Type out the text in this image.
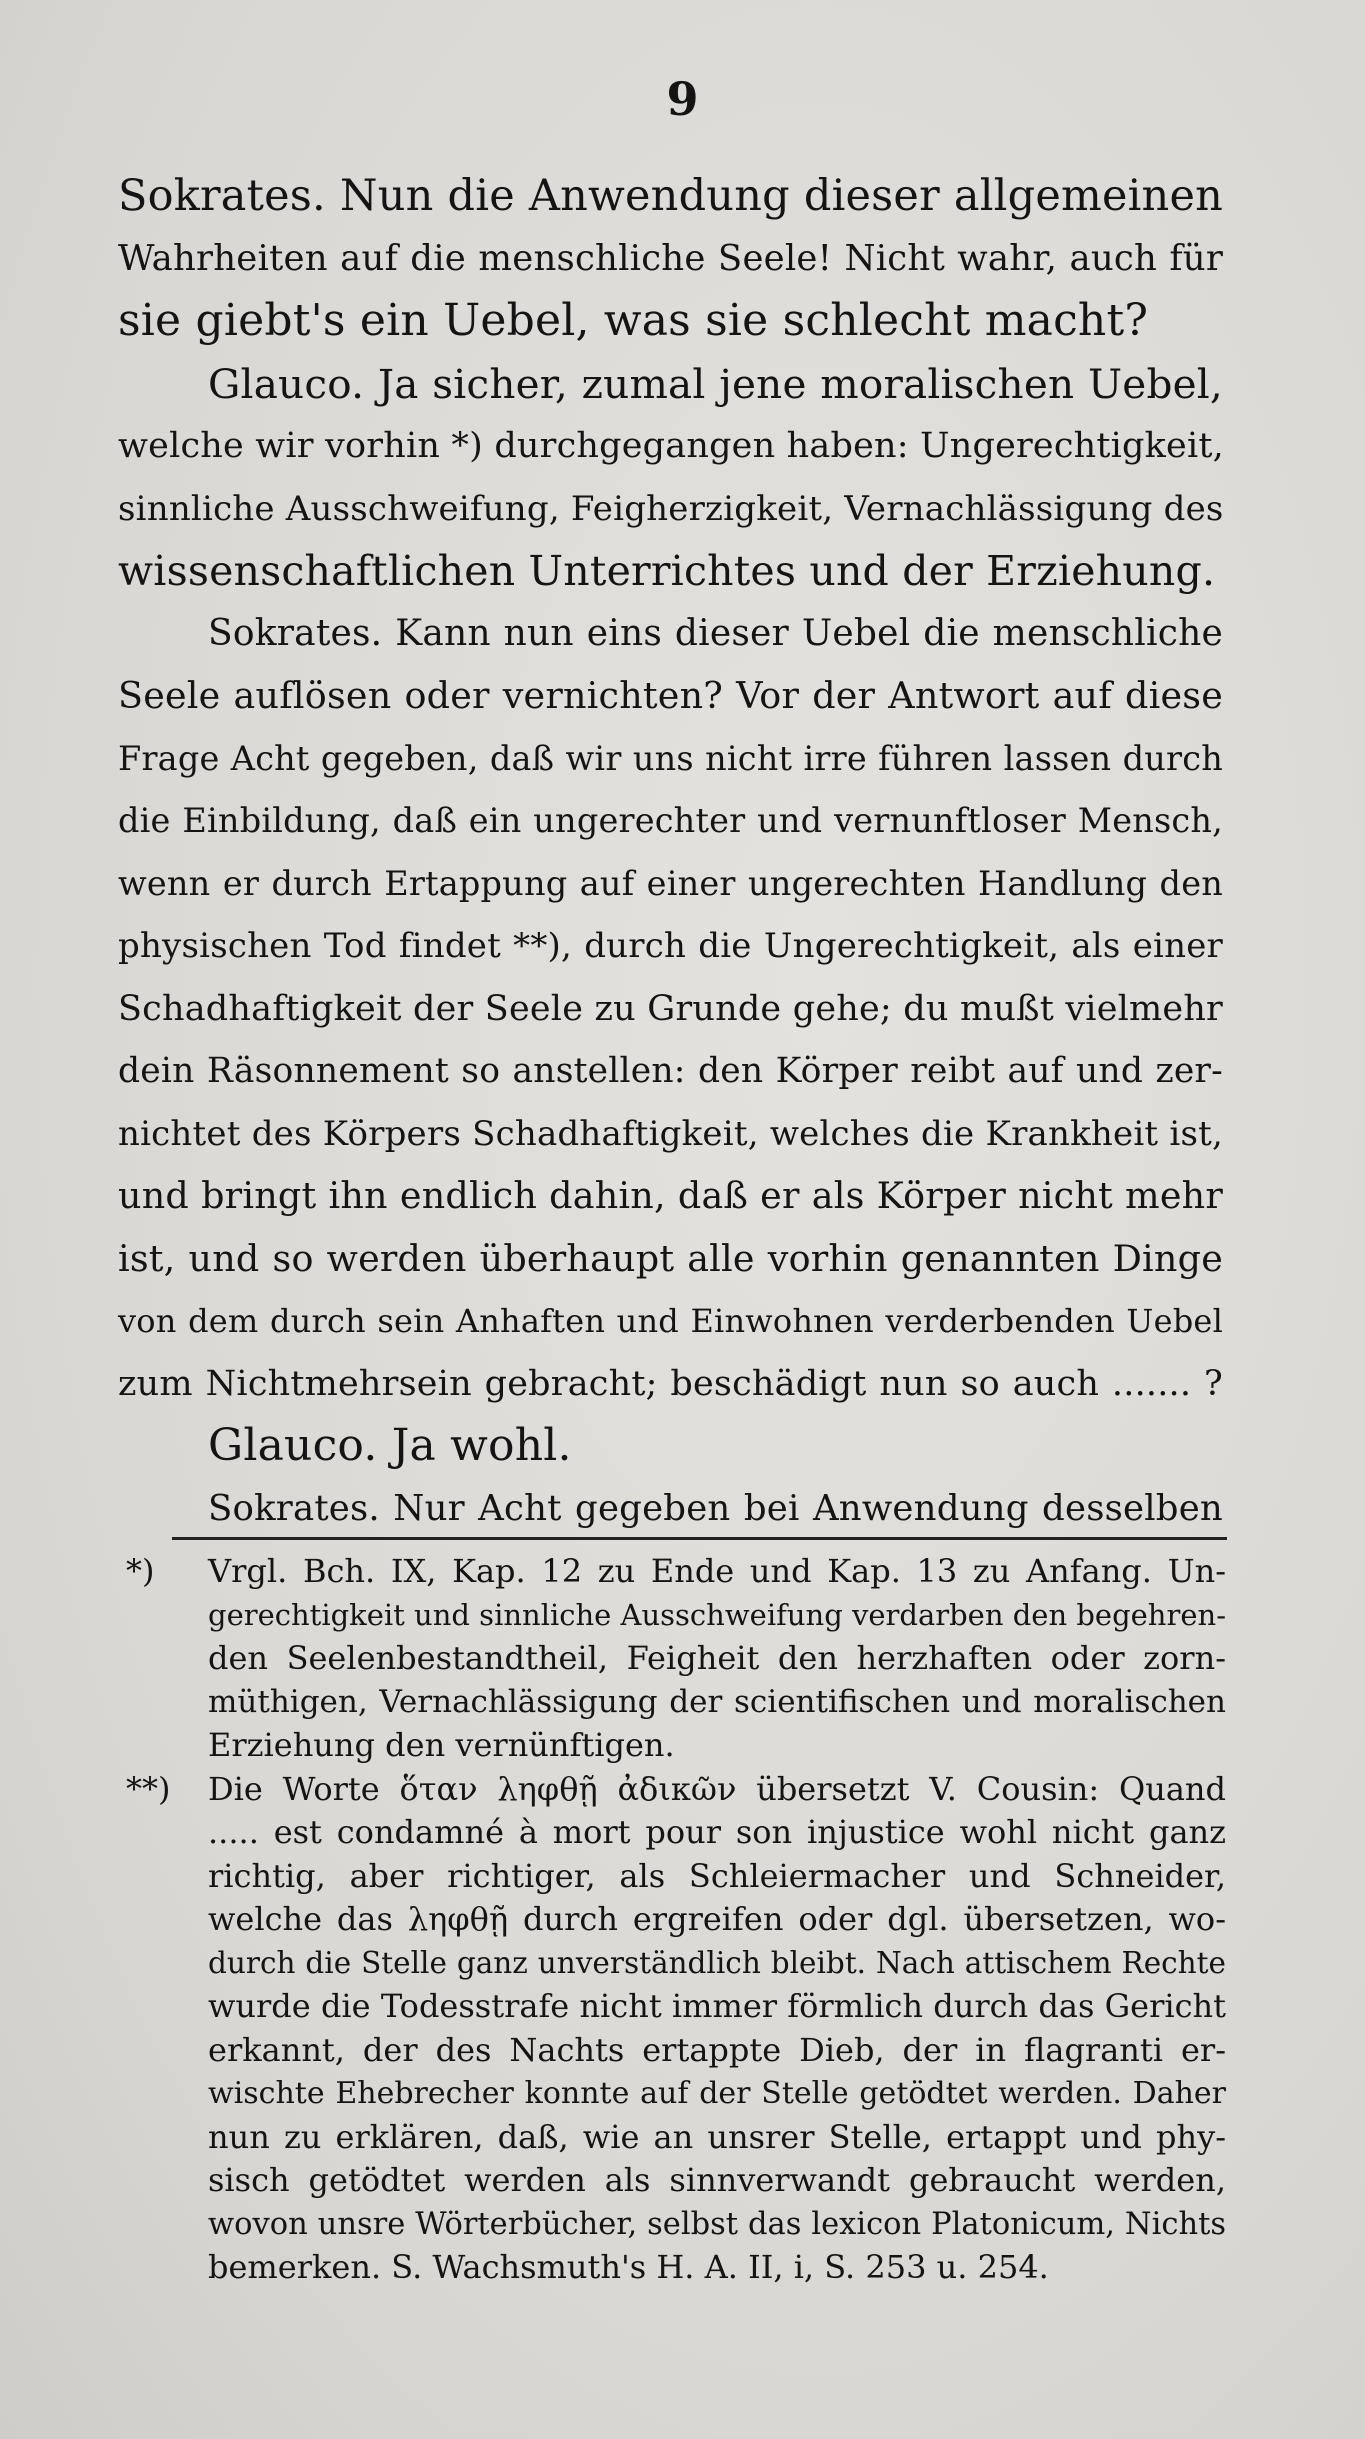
9
Sokrates. Nun die Anwendung dieser allgemeinen
Wahrheiten auf die menschliche Seele! Nicht wahr, auch für
sie giebt's ein Uebel, was sie schlecht macht?
Glauco. Ja sicher, zumal jene moralischen Uebel,
welche wir vorhin *) durchgegangen haben: Ungerechtigkeit,
sinnliche Ausschweifung, Feigherzigkeit, Vernachlässigung des
wissenschaftlichen Unterrichtes und der Erziehung.
Sokrates. Kann nun eins dieser Uebel die menschliche
Seele auflösen oder vernichten? Vor der Antwort auf diese
Frage Acht gegeben, daß wir uns nicht irre führen lassen durch
die Einbildung, daß ein ungerechter und vernunftloser Mensch,
wenn er durch Ertappung auf einer ungerechten Handlung den
physischen Tod findet **), durch die Ungerechtigkeit, als einer
Schadhaftigkeit der Seele zu Grunde gehe; du mußt vielmehr
dein Räsonnement so anstellen: den Körper reibt auf und zer-
nichtet des Körpers Schadhaftigkeit, welches die Krankheit ist,
und bringt ihn endlich dahin, daß er als Körper nicht mehr
ist, und so werden überhaupt alle vorhin genannten Dinge
von dem durch sein Anhaften und Einwohnen verderbenden Uebel
zum Nichtmehrsein gebracht; beschädigt nun so auch ....... ?
Glauco. Ja wohl.
Sokrates. Nur Acht gegeben bei Anwendung desselben
*) Vrgl. Bch. IX, Kap. 12 zu Ende und Kap. 13 zu Anfang. Un-
gerechtigkeit und sinnliche Ausschweifung verdarben den begehren-
den Seelenbestandtheil, Feigheit den herzhaften oder zorn-
müthigen, Vernachlässigung der scientifischen und moralischen
Erziehung den vernünftigen.
**) Die Worte ὅταν ληφθῇ ἀδικῶν übersetzt V. Cousin: Quand
..... est condamné à mort pour son injustice wohl nicht ganz
richtig, aber richtiger, als Schleiermacher und Schneider,
welche das ληφθῇ durch ergreifen oder dgl. übersetzen, wo-
durch die Stelle ganz unverständlich bleibt. Nach attischem Rechte
wurde die Todesstrafe nicht immer förmlich durch das Gericht
erkannt, der des Nachts ertappte Dieb, der in flagranti er-
wischte Ehebrecher konnte auf der Stelle getödtet werden. Daher
nun zu erklären, daß, wie an unsrer Stelle, ertappt und phy-
sisch getödtet werden als sinnverwandt gebraucht werden,
wovon unsre Wörterbücher, selbst das lexicon Platonicum, Nichts
bemerken. S. Wachsmuth's H. A. II, i, S. 253 u. 254.
